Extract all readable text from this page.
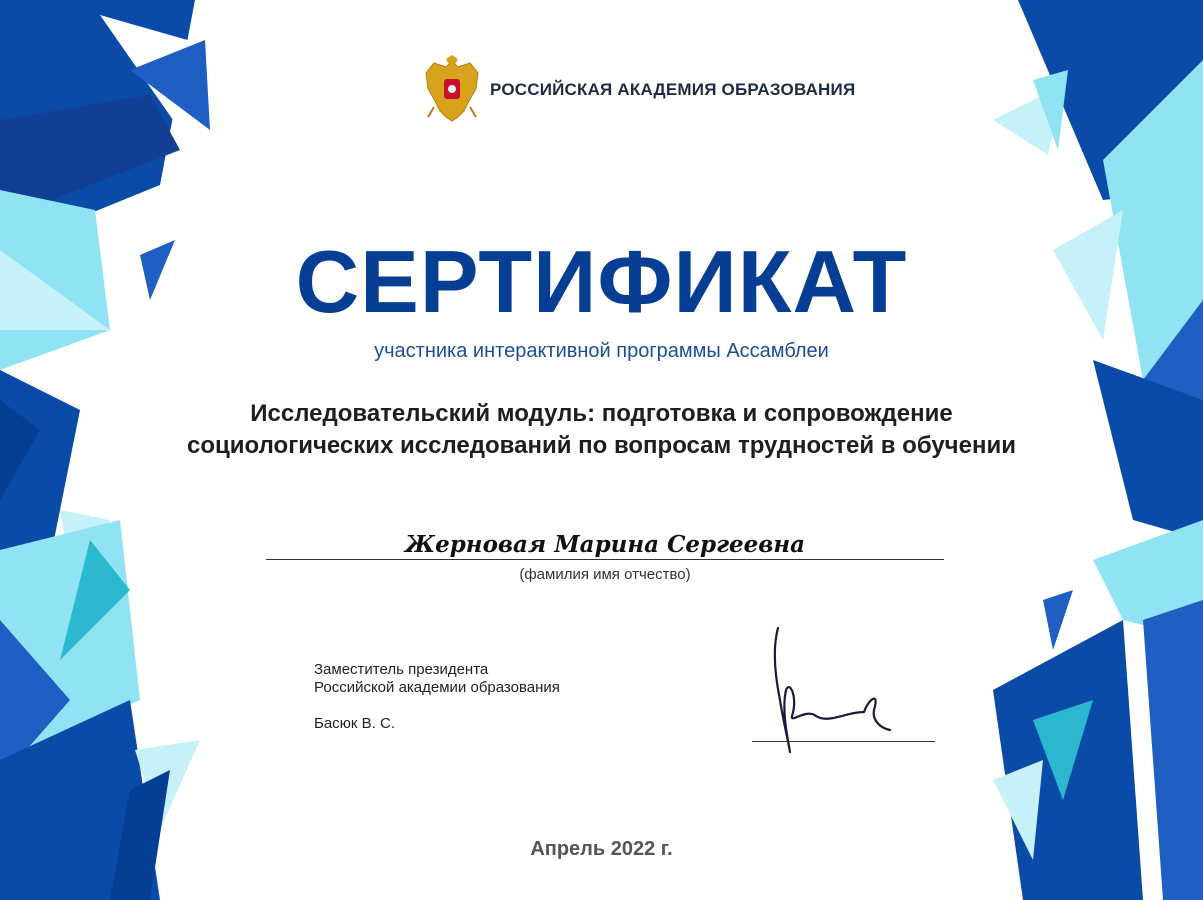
РОССИЙСКАЯ АКАДЕМИЯ ОБРАЗОВАНИЯ
СЕРТИФИКАТ
участника интерактивной программы Ассамблеи
Исследовательский модуль: подготовка и сопровождение
социологических исследований по вопросам трудностей в обучении
Жерновая Марина Сергеевна
(фамилия имя отчество)
Заместитель президента
Российской академии образования
Басюк В. С.
Апрель 2022 г.
